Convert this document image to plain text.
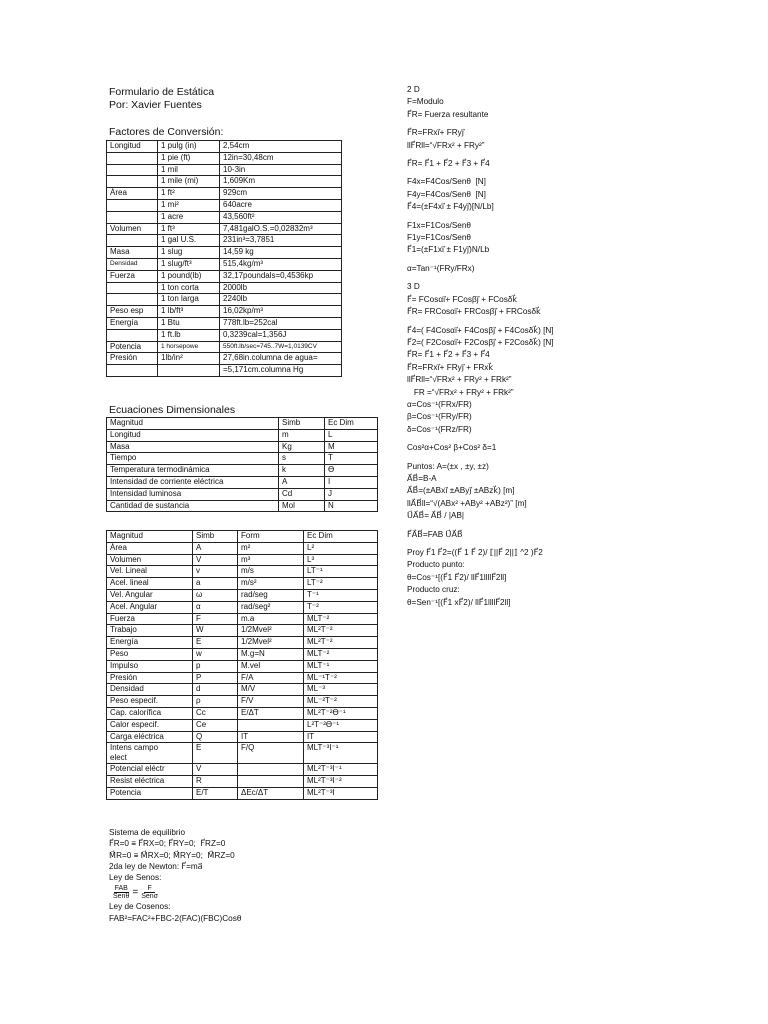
Formulario de Estática
Por: Xavier Fuentes
Factores de Conversión:
Longitud	1 pulg (in)	2,54cm
	1 pie (ft)	12in=30,48cm
	1 mil	10-3in
	1 mile (mi)	1,609Km
Área	1 ft²	929cm
	1 mi²	640acre
	1 acre	43,560ft²
Volumen	1 ft³	7,481galO.S.=0,02832m³
	1 gal U.S.	231in³=3,7851
Masa	1 slug	14,59 kg
Densidad	1 slug/ft³	515,4kg/m³
Fuerza	1 pound(lb)	32,17poundals=0,4536kp
	1 ton corta	2000lb
	1 ton larga	2240lb
Peso esp	1 lb/ft³	16,02kp/m³
Energía	1 Btu	778ft.lb=252cal
	1 ft.lb	0,3239cal=1,356J
Potencia	1 horsepowe	550ft.lb/sec=745..7W=1,0139CV
Presión	1lb/in²	27,68in.columna de agua=
		=5,171cm.columna Hg
Ecuaciones Dimensionales
Magnitud	Simb	Ec Dim
Longitud	m	L
Masa	Kg	M
Tiempo	s	T
Temperatura termodinámica	k	ϴ
Intensidad de corriente eléctrica	A	I
Intensidad luminosa	Cd	J
Cantidad de sustancia	Mol	N
Magnitud	Simb	Form	Ec Dim
Área	A	m²	L²
Volumen	V	m³	L³
Vel. Lineal	v	m/s	LT⁻¹
Acel. lineal	a	m/s²	LT⁻²
Vel. Angular	ω	rad/seg	T⁻¹
Acel. Angular	α	rad/seg²	T⁻²
Fuerza	F	m.a	MLT⁻²
Trabajo	W	1/2Mvel²	ML²T⁻²
Energía	E	1/2Mvel²	ML²T⁻²
Peso	w	M.g=N	MLT⁻²
Impulso	p	M.vel	MLT⁻¹
Presión	P	F/A	ML⁻¹T⁻²
Densidad	d	M/V	ML⁻³
Peso especif.	ρ	F/V	ML⁻²T⁻²
Cap. calorífica	Cc	E/ΔT	ML²T⁻²ϴ⁻¹
Calor especif.	Ce		L²T⁻²ϴ⁻¹
Carga eléctrica	Q	IT	IT
Intens campo
elect	E	F/Q	MLT⁻³I⁻¹
Potencial eléctr	V		ML²T⁻³I⁻¹
Resist eléctrica	R		ML²T⁻³I⁻²
Potencia	E/T	ΔEc/ΔT	ML²T⁻³I
Sistema de equilibrio
F⃗R=0 ≡ F⃗RX=0; F⃗RY=0;  F⃗RZ=0
M⃗R=0 ≡ M⃗RX=0; M⃗RY=0;  M⃗RZ=0
2da ley de Newton: F⃗=ma⃗
Ley de Senos:
FAB
Senθ =	F
Senσ
Ley de Cosenos:
FAB²=FAC²+FBC-2(FAC)(FBC)Cosθ
2 D
F=Modulo
F⃗R= Fuerza resultante
F⃗R=FRxi⃗+ FRyj⃗
llF⃗Rll=“√FRx² + FRy²”
F⃗R= F⃗1 + F⃗2 + F⃗3 + F⃗4
F4x=F4Cos/Senθ  [N]
F4y=F4Cos/Senθ  [N]
F⃗4=(±F4xi⃗ ± F4yj⃗)[N/Lb]
F1x=F1Cos/Senθ
F1y=F1Cos/Senθ
F⃗1=(±F1xi⃗ ± F1yj⃗)N/Lb
α=Tan⁻¹(FRy/FRx)
3 D
F⃗= FCosαi⃗+ FCosβj⃗ + FCosδk⃗
F⃗R= FRCosαi⃗+ FRCosβj⃗ + FRCosδk⃗
F⃗4=( F4Cosαi⃗+ F4Cosβj⃗ + F4Cosδk⃗) [N]
F⃗2=( F2Cosαi⃗+ F2Cosβj⃗ + F2Cosδk⃗) [N]
F⃗R= F⃗1 + F⃗2 + F⃗3 + F⃗4
F⃗R=FRxi⃗+ FRyj⃗ + FRxk⃗
llF⃗Rll=“√FRx² + FRy² + FRk²”
FR =“√FRx² + FRy² + FRk²”
α=Cos⁻¹(FRx/FR)
β=Cos⁻¹(FRy/FR)
δ=Cos⁻¹(FRz/FR)
Cos²α+Cos² β+Cos² δ=1
Puntos: A=(±x , ±y, ±z)
A⃗B⃗=B-A
A⃗B⃗=(±ABxi⃗ ±AByj⃗ ±ABzk⃗) [m]
llA⃗B⃗ll=“√(ABx² +ABy² +ABz²)” [m]
U⃗A⃗B⃗= A⃗B⃗ / |AB|
F⃗A⃗B⃗=FAB U⃗A⃗B⃗
Proy F⃗1 F⃗2=((F⃗ 1 F⃗ 2)/ ⟦||F⃗ 2||⟧ ^2 )F⃗2
Producto punto:
θ=Cos⁻¹[(F⃗1 F⃗2)/ llF⃗1llllF⃗2ll]
Producto cruz:
θ=Sen⁻¹[(F⃗1 xF⃗2)/ llF⃗1llllF⃗2ll]
